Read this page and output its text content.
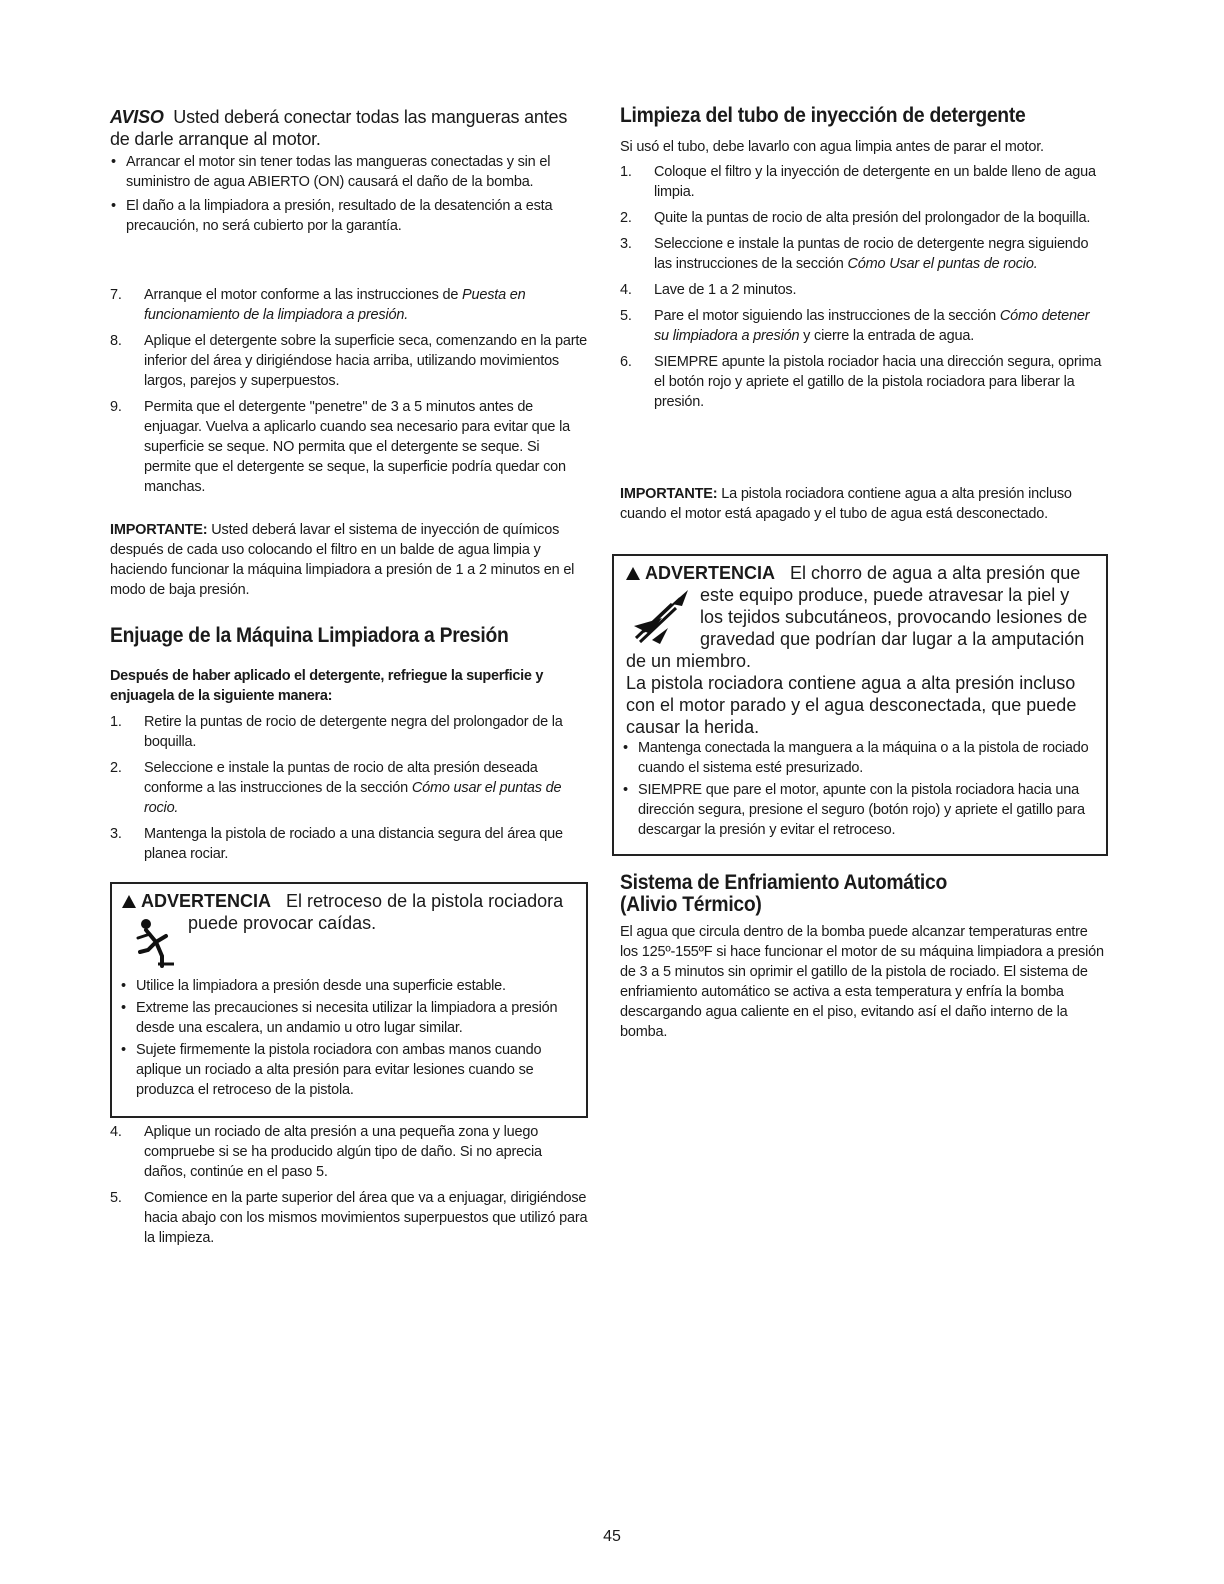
AVISO Usted deberá conectar todas las mangueras antes de darle arranque al motor.

• Arrancar el motor sin tener todas las mangueras conectadas y sin el suministro de agua ABIERTO (ON) causará el daño de la bomba.

• El daño a la limpiadora a presión, resultado de la desatención a esta precaución, no será cubierto por la garantía.

7. Arranque el motor conforme a las instrucciones de Puesta en funcionamiento de la limpiadora a presión.

8. Aplique el detergente sobre la superficie seca, comenzando en la parte inferior del área y dirigiéndose hacia arriba, utilizando movimientos largos, parejos y superpuestos.

9. Permita que el detergente "penetre" de 3 a 5 minutos antes de enjuagar. Vuelva a aplicarlo cuando sea necesario para evitar que la superficie se seque. NO permita que el detergente se seque. Si permite que el detergente se seque, la superficie podría quedar con manchas.

IMPORTANTE: Usted deberá lavar el sistema de inyección de químicos después de cada uso colocando el filtro en un balde de agua limpia y haciendo funcionar la máquina limpiadora a presión de 1 a 2 minutos en el modo de baja presión.
Enjuage de la Máquina Limpiadora a Presión
Después de haber aplicado el detergente, refriegue la superficie y enjuagela de la siguiente manera:

1. Retire la puntas de rocio de detergente negra del prolongador de la boquilla.

2. Seleccione e instale la puntas de rocio de alta presión deseada conforme a las instrucciones de la sección Cómo usar el puntas de rocio.

3. Mantenga la pistola de rociado a una distancia segura del área que planea rociar.

ADVERTENCIA El retroceso de la pistola rociadora
puede provocar caídas.

• Utilice la limpiadora a presión desde una superficie estable.

• Extreme las precauciones si necesita utilizar la limpiadora a presión desde una escalera, un andamio u otro lugar similar.

• Sujete firmemente la pistola rociadora con ambas manos cuando aplique un rociado a alta presión para evitar lesiones cuando se produzca el retroceso de la pistola.

4. Aplique un rociado de alta presión a una pequeña zona y luego compruebe si se ha producido algún tipo de daño. Si no aprecia daños, continúe en el paso 5.

5. Comience en la parte superior del área que va a enjuagar, dirigiéndose hacia abajo con los mismos movimientos superpuestos que utilizó para la limpieza.

Limpieza del tubo de inyección de detergente
Si usó el tubo, debe lavarlo con agua limpia antes de parar el motor.

1. Coloque el filtro y la inyección de detergente en un balde lleno de agua limpia.

2. Quite la puntas de rocio de alta presión del prolongador de la boquilla.

3. Seleccione e instale la puntas de rocio de detergente negra siguiendo las instrucciones de la sección Cómo Usar el puntas de rocio.

4. Lave de 1 a 2 minutos.

5. Pare el motor siguiendo las instrucciones de la sección Cómo detener su limpiadora a presión y cierre la entrada de agua.

6. SIEMPRE apunte la pistola rociador hacia una dirección segura, oprima el botón rojo y apriete el gatillo de la pistola rociadora para liberar la presión.

IMPORTANTE: La pistola rociadora contiene agua a alta presión incluso cuando el motor está apagado y el tubo de agua está desconectado.
ADVERTENCIA El chorro de agua a alta presión que
este equipo produce, puede atravesar la piel y
los tejidos subcutáneos, provocando lesiones de
gravedad que podrían dar lugar a la amputación
de un miembro.
La pistola rociadora contiene agua a alta presión incluso con el motor parado y el agua desconectada, que puede causar la herida.

• Mantenga conectada la manguera a la máquina o a la pistola de rociado cuando el sistema esté presurizado.

• SIEMPRE que pare el motor, apunte con la pistola rociadora hacia una dirección segura, presione el seguro (botón rojo) y apriete el gatillo para descargar la presión y evitar el retroceso.

Sistema de Enfriamiento Automático
(Alivio Térmico)
El agua que circula dentro de la bomba puede alcanzar temperaturas entre los 125º-155ºF si hace funcionar el motor de su máquina limpiadora a presión de 3 a 5 minutos sin oprimir el gatillo de la pistola de rociado. El sistema de enfriamiento automático se activa a esta temperatura y enfría la bomba descargando agua caliente en el piso, evitando así el daño interno de la bomba.
45
